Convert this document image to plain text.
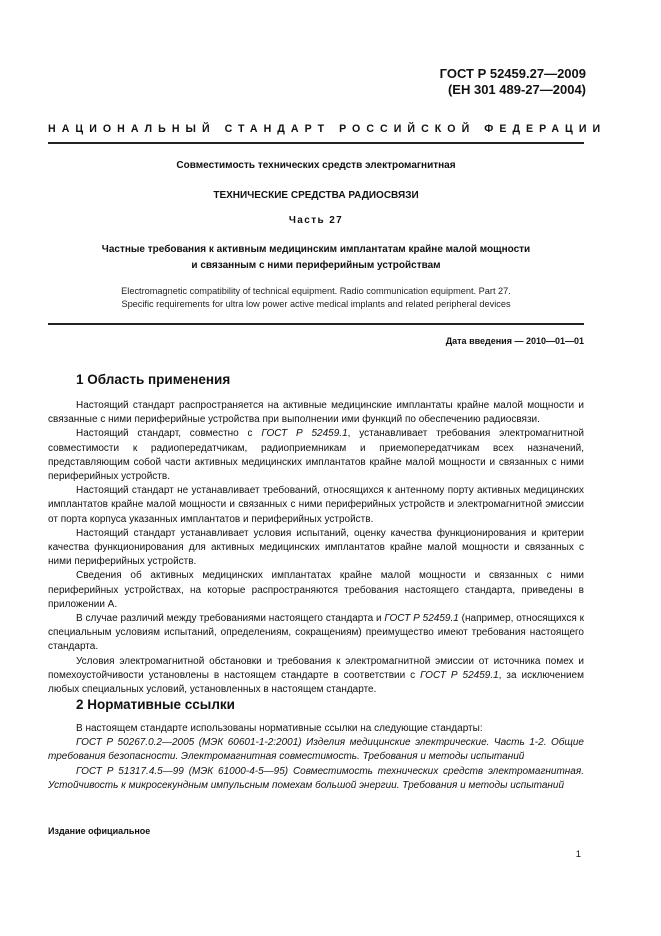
ГОСТ Р 52459.27—2009
(ЕН 301 489-27—2004)
НАЦИОНАЛЬНЫЙ СТАНДАРТ РОССИЙСКОЙ ФЕДЕРАЦИИ
Совместимость технических средств электромагнитная
ТЕХНИЧЕСКИЕ СРЕДСТВА РАДИОСВЯЗИ
Часть 27
Частные требования к активным медицинским имплантатам крайне малой мощности
и связанным с ними периферийным устройствам
Electromagnetic compatibility of technical equipment. Radio communication equipment. Part 27.
Specific requirements for ultra low power active medical implants and related peripheral devices
Дата введения — 2010—01—01
1 Область применения

Настоящий стандарт распространяется на активные медицинские имплантаты крайне малой мощности и связанные с ними периферийные устройства при выполнении ими функций по обеспечению радиосвязи.

Настоящий стандарт, совместно с ГОСТ Р 52459.1, устанавливает требования электромагнитной совместимости к радиопередатчикам, радиоприемникам и приемопередатчикам всех назначений, представляющим собой части активных медицинских имплантатов крайне малой мощности и связанных с ними периферийных устройств.

Настоящий стандарт не устанавливает требований, относящихся к антенному порту активных медицинских имплантатов крайне малой мощности и связанных с ними периферийных устройств и электромагнитной эмиссии от порта корпуса указанных имплантатов и периферийных устройств.

Настоящий стандарт устанавливает условия испытаний, оценку качества функционирования и критерии качества функционирования для активных медицинских имплантатов крайне малой мощности и связанных с ними периферийных устройств.

Сведения об активных медицинских имплантатах крайне малой мощности и связанных с ними периферийных устройствах, на которые распространяются требования настоящего стандарта, приведены в приложении А.

В случае различий между требованиями настоящего стандарта и ГОСТ Р 52459.1 (например, относящихся к специальным условиям испытаний, определениям, сокращениям) преимущество имеют требования настоящего стандарта.

Условия электромагнитной обстановки и требования к электромагнитной эмиссии от источника помех и помехоустойчивости установлены в настоящем стандарте в соответствии с ГОСТ Р 52459.1, за исключением любых специальных условий, установленных в настоящем стандарте.

2 Нормативные ссылки

В настоящем стандарте использованы нормативные ссылки на следующие стандарты:

ГОСТ Р 50267.0.2—2005 (МЭК 60601-1-2:2001) Изделия медицинские электрические. Часть 1-2. Общие требования безопасности. Электромагнитная совместимость. Требования и методы испытаний

ГОСТ Р 51317.4.5—99 (МЭК 61000-4-5—95) Совместимость технических средств электромагнитная. Устойчивость к микросекундным импульсным помехам большой энергии. Требования и методы испытаний

Издание официальное
1
